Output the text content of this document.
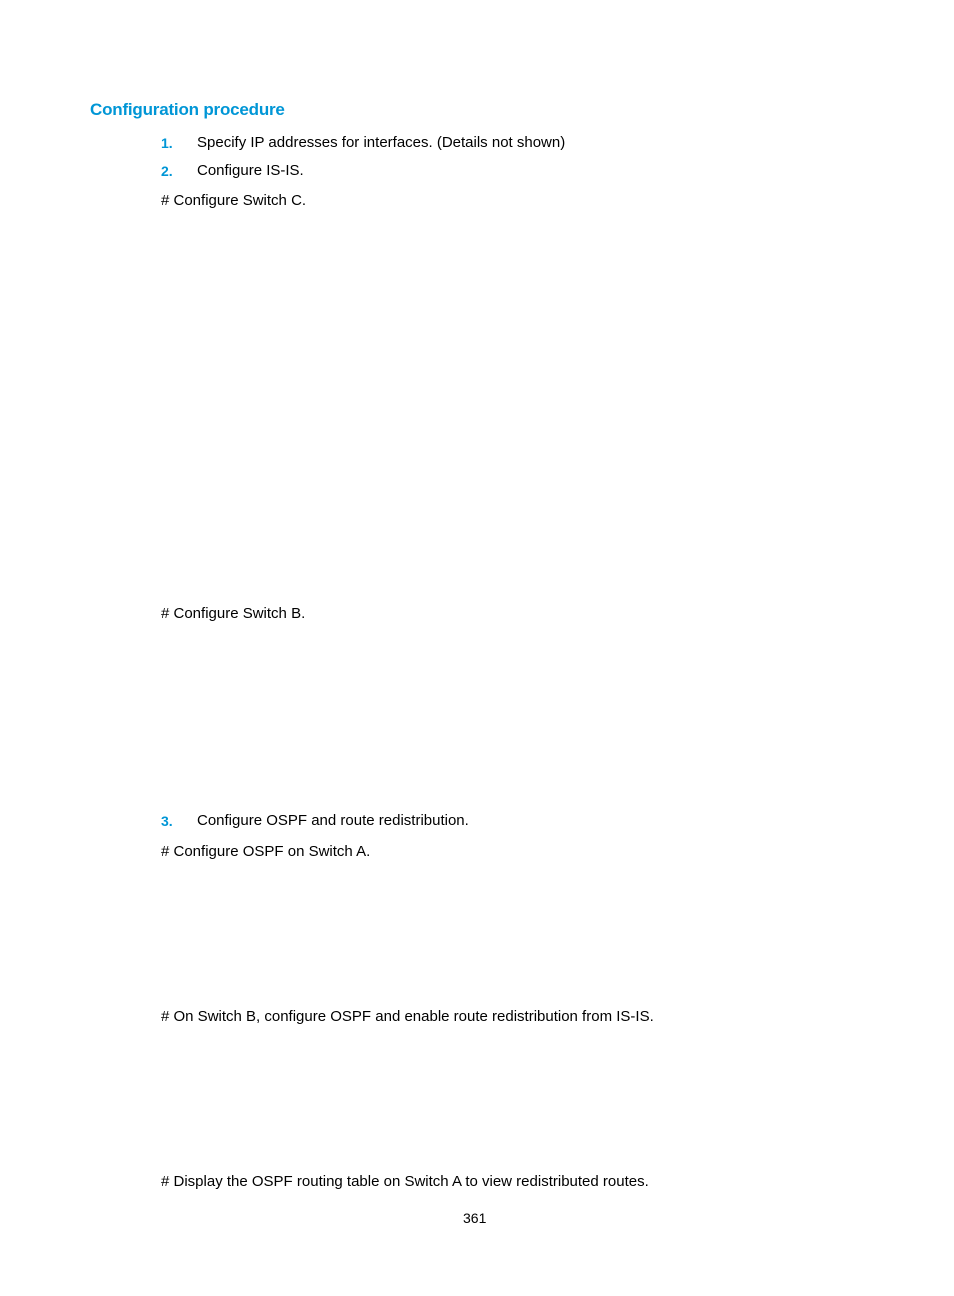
Configuration procedure
1. Specify IP addresses for interfaces. (Details not shown)
2. Configure IS-IS.
# Configure Switch C.
# Configure Switch B.
3. Configure OSPF and route redistribution.
# Configure OSPF on Switch A.
# On Switch B, configure OSPF and enable route redistribution from IS-IS.
# Display the OSPF routing table on Switch A to view redistributed routes.
361
